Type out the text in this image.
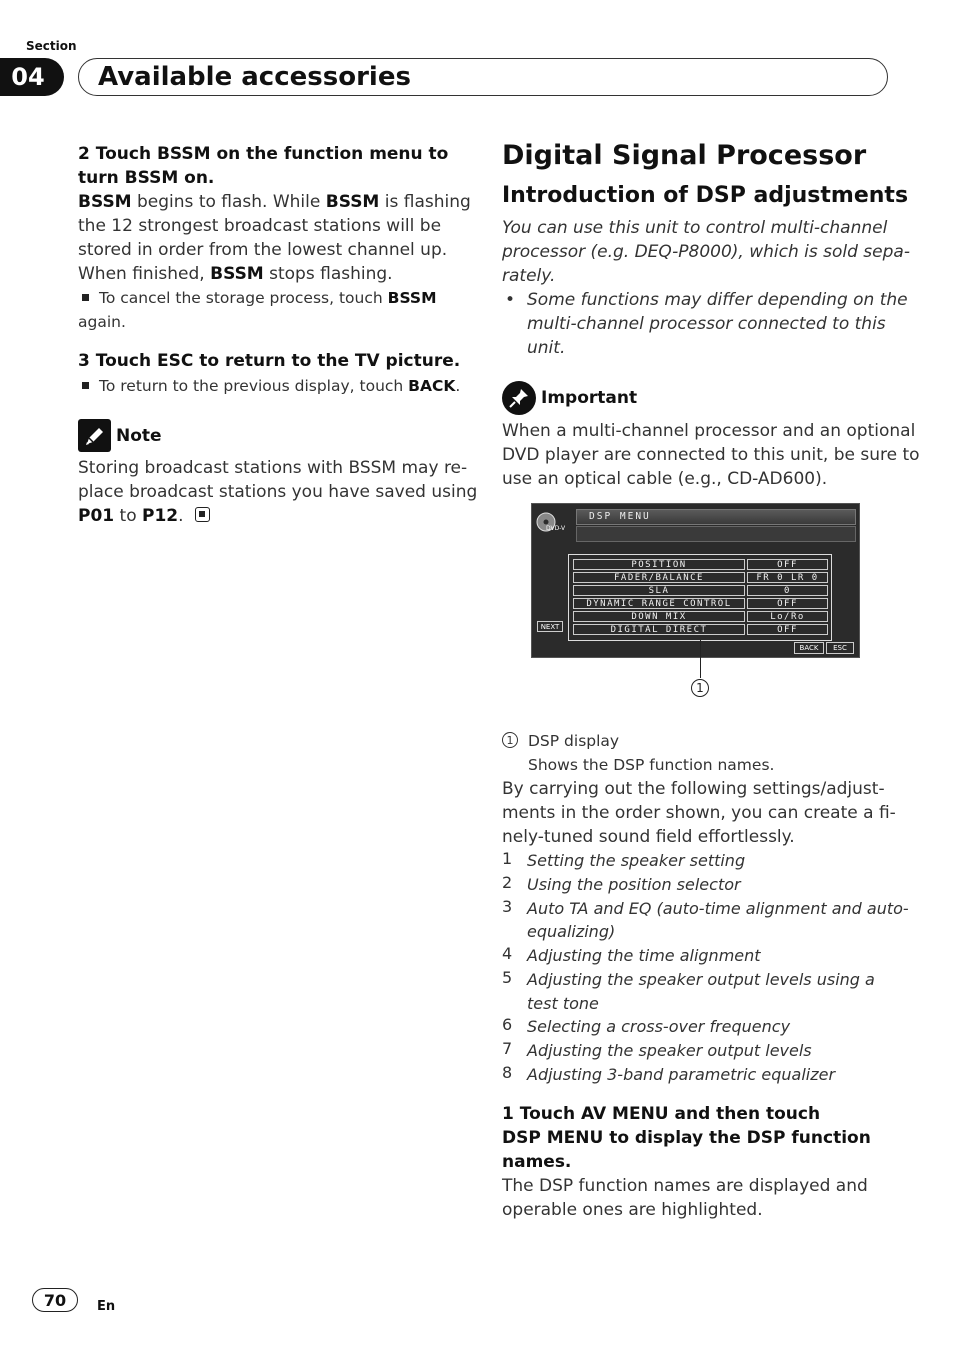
Section
04	Available accessories
2 Touch BSSM on the function menu to
turn BSSM on.
BSSM begins to flash. While BSSM is flashing
the 12 strongest broadcast stations will be
stored in order from the lowest channel up.
When finished, BSSM stops flashing.
To cancel the storage process, touch BSSM
again.
3 Touch ESC to return to the TV picture.
To return to the previous display, touch BACK.
Note
Storing broadcast stations with BSSM may re-
place broadcast stations you have saved using
P01 to P12.
Digital Signal Processor
Introduction of DSP adjustments
You can use this unit to control multi-channel
processor (e.g. DEQ-P8000), which is sold sepa-
rately.
• Some functions may differ depending on the
multi-channel processor connected to this
unit.
Important
When a multi-channel processor and an optional
DVD player are connected to this unit, be sure to
use an optical cable (e.g., CD-AD600).
DVD-V
DSP MENU
POSITION	OFF
FADER/BALANCE	FR 0 LR 0
SLA	0
DYNAMIC RANGE CONTROL	OFF
DOWN MIX	Lo/Ro
DIGITAL DIRECT	OFF
NEXT
BACK	ESC
1
1 DSP display
Shows the DSP function names.
By carrying out the following settings/adjust-
ments in the order shown, you can create a fi-
nely-tuned sound field effortlessly.
1 Setting the speaker setting
2 Using the position selector
3 Auto TA and EQ (auto-time alignment and auto-
equalizing)
4 Adjusting the time alignment
5 Adjusting the speaker output levels using a
test tone
6 Selecting a cross-over frequency
7 Adjusting the speaker output levels
8 Adjusting 3-band parametric equalizer
1 Touch AV MENU and then touch
DSP MENU to display the DSP function
names.
The DSP function names are displayed and
operable ones are highlighted.
70	En
